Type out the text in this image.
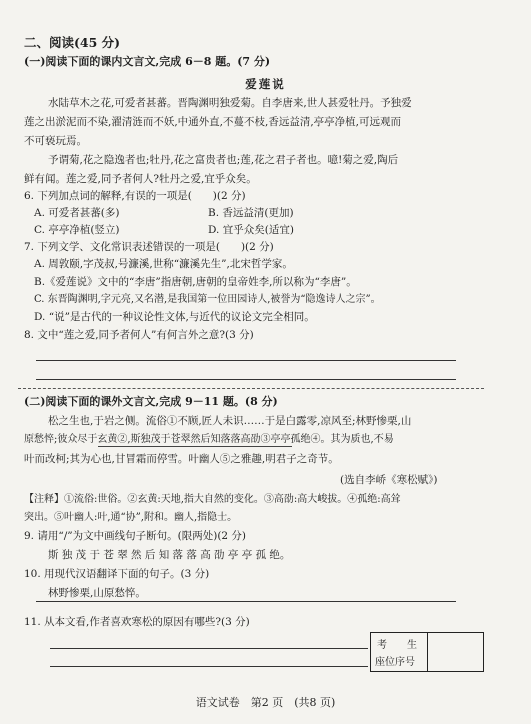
二、阅读(45 分)
(一)阅读下面的课内文言文,完成 6－8 题。(7 分)
爱莲说
水陆草木之花,可爱者甚蕃。晋陶渊明独爱菊。自李唐来,世人甚爱牡丹。予独爱
莲之出淤泥而不染,濯清涟而不妖,中通外直,不蔓不枝,香远益清,亭亭净植,可远观而
不可亵玩焉。
予谓菊,花之隐逸者也;牡丹,花之富贵者也;莲,花之君子者也。噫!菊之爱,陶后
鲜有闻。莲之爱,同予者何人?牡丹之爱,宜乎众矣。
6. 下列加点词的解释,有误的一项是(　　)(2 分)
A. 可爱者甚蕃(多)	B. 香远益清(更加)
C. 亭亭净植(竖立)	D. 宜乎众矣(适宜)
7. 下列文学、文化常识表述错误的一项是(　　)(2 分)
A. 周敦颐,字茂叔,号濂溪,世称“濂溪先生”,北宋哲学家。
B.《爱莲说》文中的“李唐”指唐朝,唐朝的皇帝姓李,所以称为“李唐”。
C. 东晋陶渊明,字元亮,又名潜,是我国第一位田园诗人,被誉为“隐逸诗人之宗”。
D. “说”是古代的一种议论性文体,与近代的议论文完全相同。
8. 文中“莲之爱,同予者何人”有何言外之意?(3 分)
(二)阅读下面的课外文言文,完成 9－11 题。(8 分)
松之生也,于岩之侧。流俗①不顾,匠人未识……于是白露零,凉风至;林野惨栗,山
原愁悴;彼众尽于玄黄②,斯独茂于苍翠然后知落落高劭③亭亭孤绝④。其为质也,不易
叶而改柯;其为心也,甘冒霜而停雪。叶幽人⑤之雅趣,明君子之奇节。
(选自李峤《寒松赋》)
【注释】①流俗:世俗。②玄黄:天地,指大自然的变化。③高劭:高大峻拔。④孤绝:高耸
突出。⑤叶幽人:叶,通“协”,附和。幽人,指隐士。
9. 请用“/”为文中画线句子断句。(限两处)(2 分)
斯 独 茂 于 苍 翠 然 后 知 落 落 高 劭 亭 亭 孤 绝。
10. 用现代汉语翻译下面的句子。(3 分)
林野惨栗,山原愁悴。
11. 从本文看,作者喜欢寒松的原因有哪些?(3 分)
考　　生
座位序号
语文试卷　第2 页　(共8 页)
